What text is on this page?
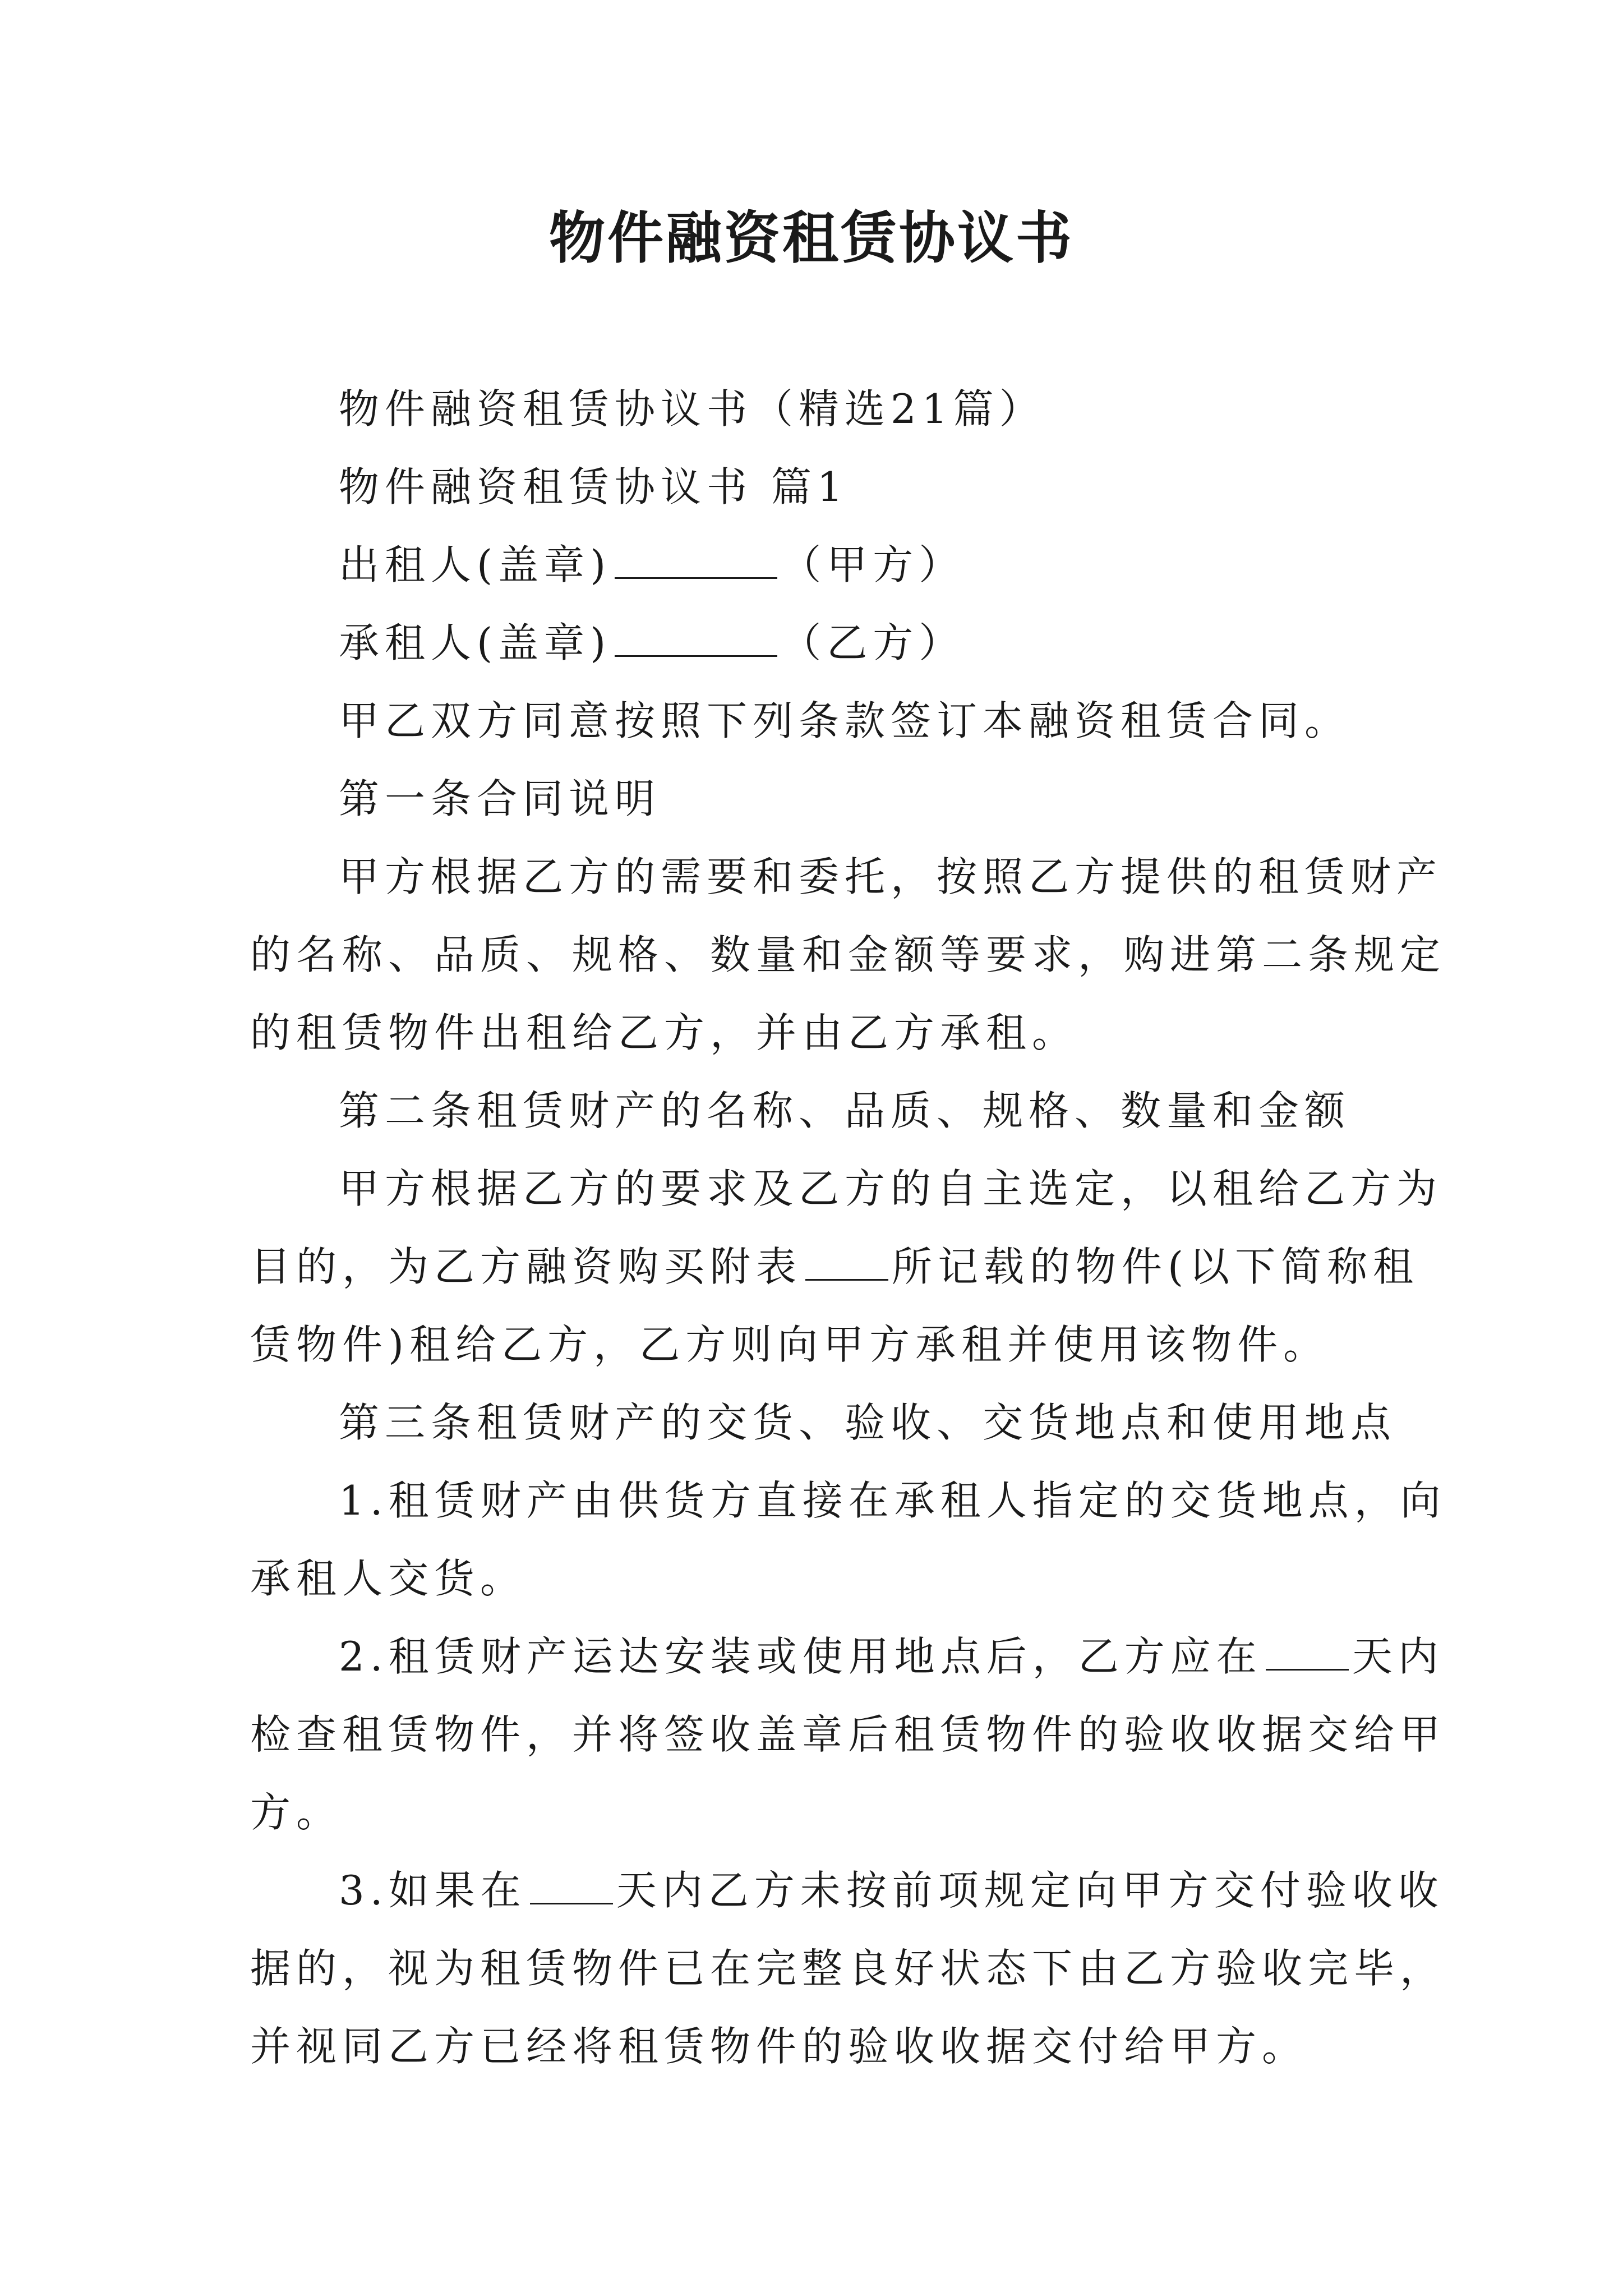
物件融资租赁协议书
物件融资租赁协议书（精选21篇）
物件融资租赁协议书 篇1
出租人(盖章)	（甲方）
承租人(盖章)	（乙方）
甲乙双方同意按照下列条款签订本融资租赁合同。
第一条合同说明
甲方根据乙方的需要和委托，按照乙方提供的租赁财产
的名称、品质、规格、数量和金额等要求，购进第二条规定
的租赁物件出租给乙方，并由乙方承租。
第二条租赁财产的名称、品质、规格、数量和金额
甲方根据乙方的要求及乙方的自主选定，以租给乙方为
目的，为乙方融资购买附表 所记载的物件(以下简称租
赁物件)租给乙方，乙方则向甲方承租并使用该物件。
第三条租赁财产的交货、验收、交货地点和使用地点
1.租赁财产由供货方直接在承租人指定的交货地点，向
承租人交货。
2.租赁财产运达安装或使用地点后，乙方应在 天内
检查租赁物件，并将签收盖章后租赁物件的验收收据交给甲
方。
3.如果在 天内乙方未按前项规定向甲方交付验收收
据的，视为租赁物件已在完整良好状态下由乙方验收完毕，
并视同乙方已经将租赁物件的验收收据交付给甲方。
